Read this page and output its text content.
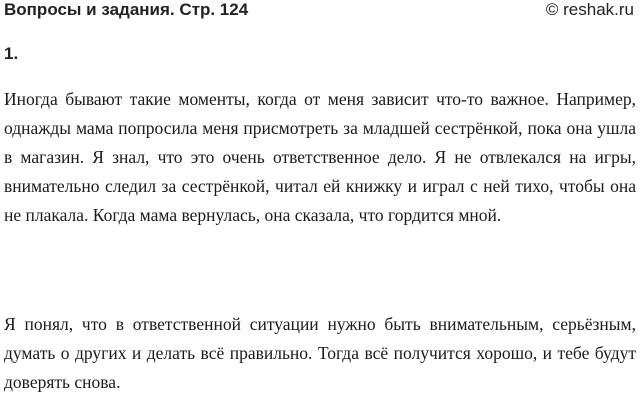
Вопросы и задания. Стр. 124	© reshak.ru
1.

Иногда бывают такие моменты, когда от меня зависит что-то важное. Например, однажды мама попросила меня присмотреть за младшей сестрёнкой, пока она ушла в магазин. Я знал, что это очень ответственное дело. Я не отвлекался на игры, внимательно следил за сестрёнкой, читал ей книжку и играл с ней тихо, чтобы она не плакала. Когда мама вернулась, она сказала, что гордится мной.

Я понял, что в ответственной ситуации нужно быть внимательным, серьёзным, думать о других и делать всё правильно. Тогда всё получится хорошо, и тебе будут доверять снова.
